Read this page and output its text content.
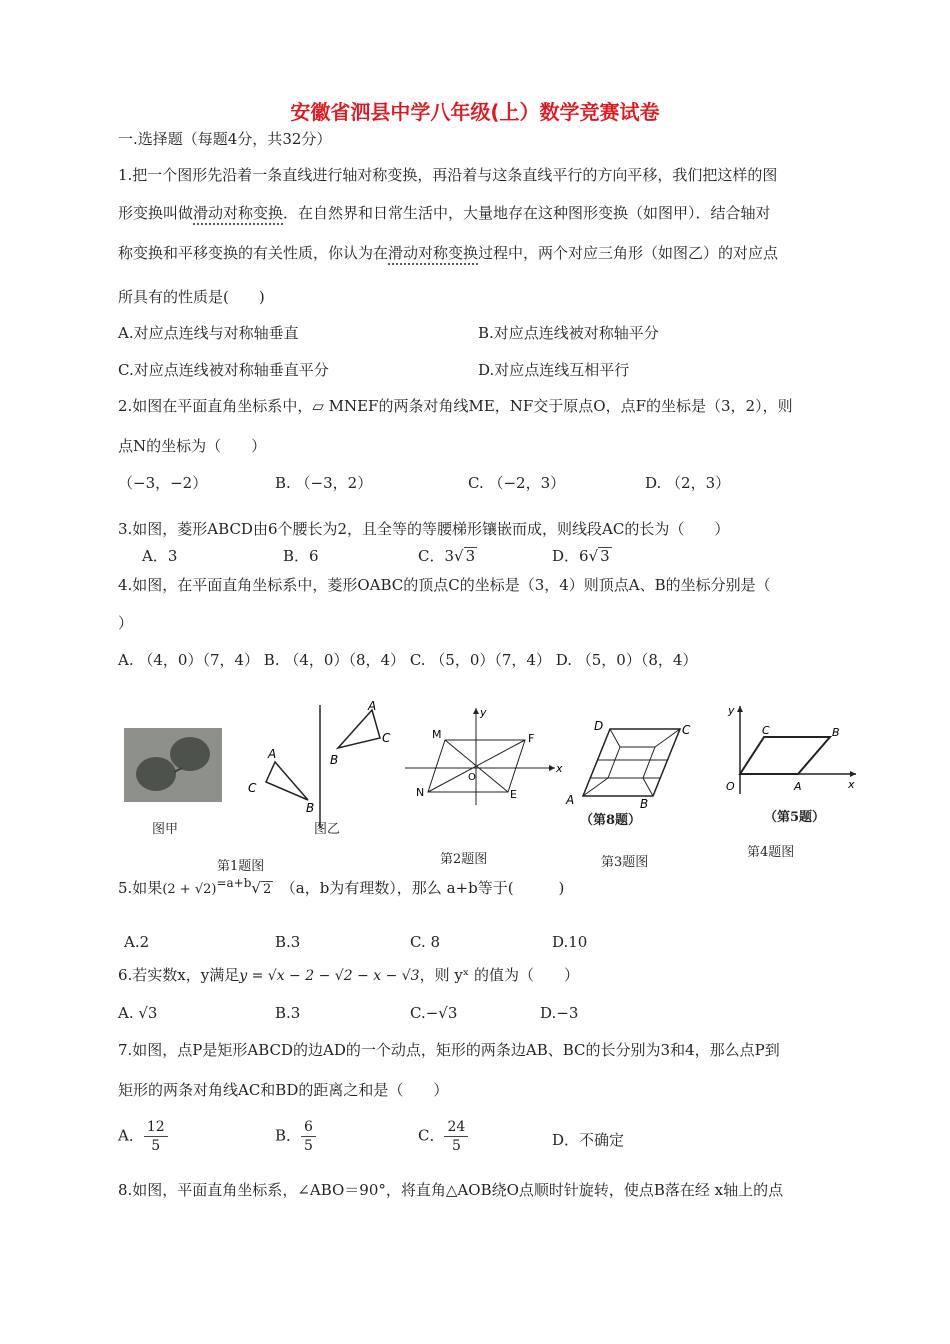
安徽省泗县中学八年级(上）数学竞赛试卷
一.选择题（每题4分，共32分）
1.把一个图形先沿着一条直线进行轴对称变换，再沿着与这条直线平行的方向平移，我们把这样的图
形变换叫做滑动对称变换．在自然界和日常生活中，大量地存在这种图形变换（如图甲）．结合轴对
称变换和平移变换的有关性质，你认为在滑动对称变换过程中，两个对应三角形（如图乙）的对应点
所具有的性质是(　　)
A.对应点连线与对称轴垂直	B.对应点连线被对称轴平分
C.对应点连线被对称轴垂直平分	D.对应点连线互相平行
2.如图在平面直角坐标系中，▱ MNEF的两条对角线ME，NF交于原点O，点F的坐标是（3，2），则
点N的坐标为（　　）
（−3，−2）	B. （−3，2）	C. （−2，3）	D. （2，3）
3.如图，菱形ABCD由6个腰长为2，且全等的等腰梯形镶嵌而成，则线段AC的长为（　　）
A．3	B．6	C．3√ 3	D．6√ 3
4.如图，在平面直角坐标系中，菱形OABC的顶点C的坐标是（3，4）则顶点A、B的坐标分别是（
）
A. （4，0）（7，4） B. （4，0）（8，4） C. （5，0）（7，4） D. （5，0）（8，4）
图甲
A
C
B
A
C
B
图乙
第1题图
y
x
M	F
N	E
O
第2题图
D	C
A	B
（第8题）
第3题图
y
x
O
C	B
A
（第5题）
第4题图
5.如果$(2 + √2)^{=a+b}√$ 2　 （a，b为有理数），那么 a+b等于(　　　)
A.2	B.3	C. 8	D.10
6.若实数x，y满足y = √x − 2 − √2 − x − √3，则 yˣ 的值为（　　）
A. √3	B.3	C.−√3	D.−3
7.如图，点P是矩形ABCD的边AD的一个动点，矩形的两条边AB、BC的长分别为3和4，那么点P到
矩形的两条对角线AC和BD的距离之和是（　　）
A． $\frac{12}{5}$	B． $\frac{6}{5}$	C． $\frac{24}{5}$	D．不确定
8.如图，平面直角坐标系，∠ABO＝90°，将直角△AOB绕O点顺时针旋转，使点B落在经 x轴上的点
